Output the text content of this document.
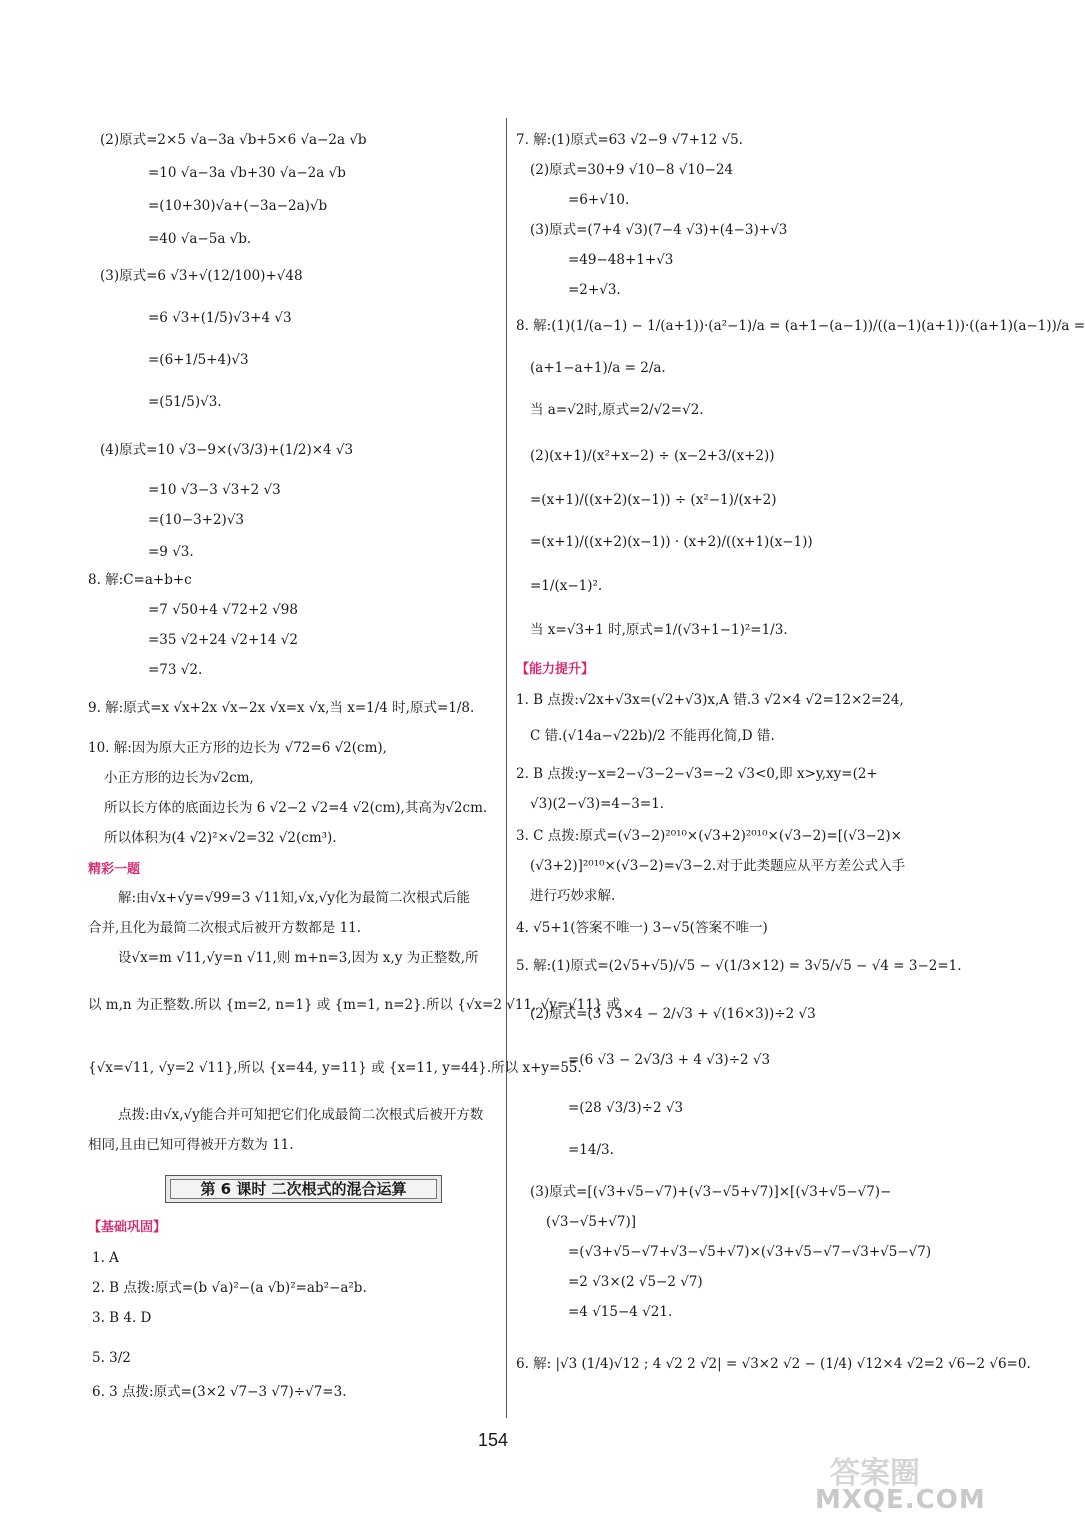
第 6 课时 二次根式的混合运算
154
答案圈
MXQE.COM
(2)原式=2×5 √a−3a √b+5×6 √a−2a √b
=10 √a−3a √b+30 √a−2a √b
=(10+30)√a+(−3a−2a)√b
=40 √a−5a √b.
(3)原式=6 √3+√(12/100)+√48
=6 √3+(1/5)√3+4 √3
=(6+1/5+4)√3
=(51/5)√3.
(4)原式=10 √3−9×(√3/3)+(1/2)×4 √3
=10 √3−3 √3+2 √3
=(10−3+2)√3
=9 √3.
8. 解:C=a+b+c
=7 √50+4 √72+2 √98
=35 √2+24 √2+14 √2
=73 √2.
9. 解:原式=x √x+2x √x−2x √x=x √x,当 x=1/4 时,原式=1/8.
10. 解:因为原大正方形的边长为 √72=6 √2(cm),
小正方形的边长为√2cm,
所以长方体的底面边长为 6 √2−2 √2=4 √2(cm),其高为√2cm.
所以体积为(4 √2)²×√2=32 √2(cm³).
解:由√x+√y=√99=3 √11知,√x,√y化为最简二次根式后能
合并,且化为最简二次根式后被开方数都是 11.
设√x=m √11,√y=n √11,则 m+n=3,因为 x,y 为正整数,所
以 m,n 为正整数.所以 {m=2, n=1} 或 {m=1, n=2}.所以 {√x=2 √11, √y=√11} 或
{√x=√11, √y=2 √11},所以 {x=44, y=11} 或 {x=11, y=44}.所以 x+y=55.
点拨:由√x,√y能合并可知把它们化成最简二次根式后被开方数
相同,且由已知可得被开方数为 11.
1. A
2. B 点拨:原式=(b √a)²−(a √b)²=ab²−a²b.
3. B 4. D
5. 3/2
6. 3 点拨:原式=(3×2 √7−3 √7)÷√7=3.
7. 解:(1)原式=63 √2−9 √7+12 √5.
(2)原式=30+9 √10−8 √10−24
=6+√10.
(3)原式=(7+4 √3)(7−4 √3)+(4−3)+√3
=49−48+1+√3
=2+√3.
8. 解:(1)(1/(a−1) − 1/(a+1))·(a²−1)/a = (a+1−(a−1))/((a−1)(a+1))·((a+1)(a−1))/a =
(a+1−a+1)/a = 2/a.
当 a=√2时,原式=2/√2=√2.
(2)(x+1)/(x²+x−2) ÷ (x−2+3/(x+2))
=(x+1)/((x+2)(x−1)) ÷ (x²−1)/(x+2)
=(x+1)/((x+2)(x−1)) · (x+2)/((x+1)(x−1))
=1/(x−1)².
当 x=√3+1 时,原式=1/(√3+1−1)²=1/3.
1. B 点拨:√2x+√3x=(√2+√3)x,A 错.3 √2×4 √2=12×2=24,
C 错.(√14a−√22b)/2 不能再化简,D 错.
2. B 点拨:y−x=2−√3−2−√3=−2 √3<0,即 x>y,xy=(2+
√3)(2−√3)=4−3=1.
3. C 点拨:原式=(√3−2)²⁰¹⁰×(√3+2)²⁰¹⁰×(√3−2)=[(√3−2)×
(√3+2)]²⁰¹⁰×(√3−2)=√3−2.对于此类题应从平方差公式入手
进行巧妙求解.
4. √5+1(答案不唯一) 3−√5(答案不唯一)
5. 解:(1)原式=(2√5+√5)/√5 − √(1/3×12) = 3√5/√5 − √4 = 3−2=1.
(2)原式=(3 √3×4 − 2/√3 + √(16×3))÷2 √3
=(6 √3 − 2√3/3 + 4 √3)÷2 √3
=(28 √3/3)÷2 √3
=14/3.
(3)原式=[(√3+√5−√7)+(√3−√5+√7)]×[(√3+√5−√7)−
(√3−√5+√7)]
=(√3+√5−√7+√3−√5+√7)×(√3+√5−√7−√3+√5−√7)
=2 √3×(2 √5−2 √7)
=4 √15−4 √21.
6. 解: |√3 (1/4)√12 ; 4 √2 2 √2| = √3×2 √2 − (1/4) √12×4 √2=2 √6−2 √6=0.
精彩一题
【基础巩固】
【能力提升】
